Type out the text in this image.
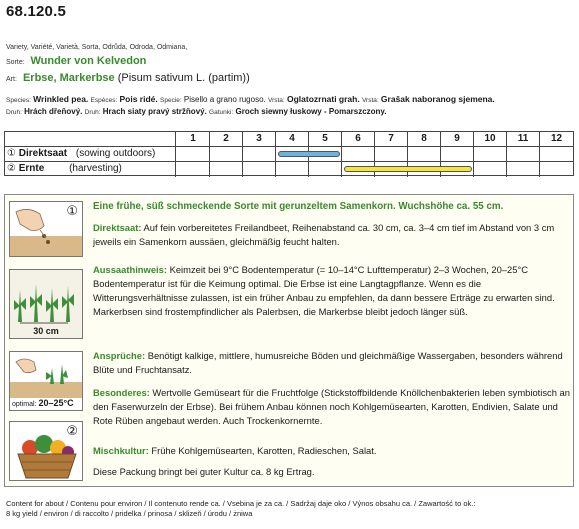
68.120.5
Variety, Variété, Varietà, Sorta, Odrůda, Odroda, Odmiana,
Sorte: Wunder von Kelvedon
Art: Erbse, Markerbse (Pisum sativum L. (partim))
Species: Wrinkled pea. Espèces: Pois ridé. Specie: Pisello a grano rugoso. Vrsta: Oglatozrnati grah. Vrsta: Grašak naboranog sjemena.
Druh: Hrách dřeňový. Druh: Hrach siaty pravý stržňový. Gatunki: Groch siewny łuskowy - Pomarszczony.
1	2	3	4	5	6	7	8	9	10	11	12
① Direktsaat (sowing outdoors)
② Ernte (harvesting)
①
30 cm
optimal: 20–25°C
②
Eine frühe, süß schmeckende Sorte mit gerunzeltem Samenkorn. Wuchshöhe ca. 55 cm.
Direktsaat: Auf fein vorbereitetes Freilandbeet, Reihenabstand ca. 30 cm, ca. 3–4 cm tief im Abstand von 3 cm jeweils ein Samenkorn aussäen, gleichmäßig feucht halten.
Aussaathinweis: Keimzeit bei 9°C Bodentemperatur (= 10–14°C Lufttemperatur) 2–3 Wochen, 20–25°C Bodentemperatur ist für die Keimung optimal. Die Erbse ist eine Langtagpflanze. Wenn es die Witterungsverhältnisse zulassen, ist ein früher Anbau zu empfehlen, da dann bessere Erträge zu erwarten sind. Markerbsen sind frostempfindlicher als Palerbsen, die Markerbse bleibt jedoch länger süß.
Ansprüche: Benötigt kalkige, mittlere, humusreiche Böden und gleichmäßige Wassergaben, besonders während Blüte und Fruchtansatz.
Besonderes: Wertvolle Gemüseart für die Fruchtfolge (Stickstoffbildende Knöllchenbakterien leben symbiotisch an den Faserwurzeln der Erbse). Bei frühem Anbau können noch Kohlgemüsearten, Karotten, Endivien, Salate und Rote Rüben angebaut werden. Auch Trockenkornernte.
Mischkultur: Frühe Kohlgemüsearten, Karotten, Radieschen, Salat.
Diese Packung bringt bei guter Kultur ca. 8 kg Ertrag.
Content for about / Contenu pour environ / Il contenuto rende ca. / Vsebina je za ca. / Sadržaj daje oko / Výnos obsahu ca. / Zawartość to ok.:
8 kg yield / environ / di raccolto / pridelka / prinosa / sklizeň / úrodu / żniwa
